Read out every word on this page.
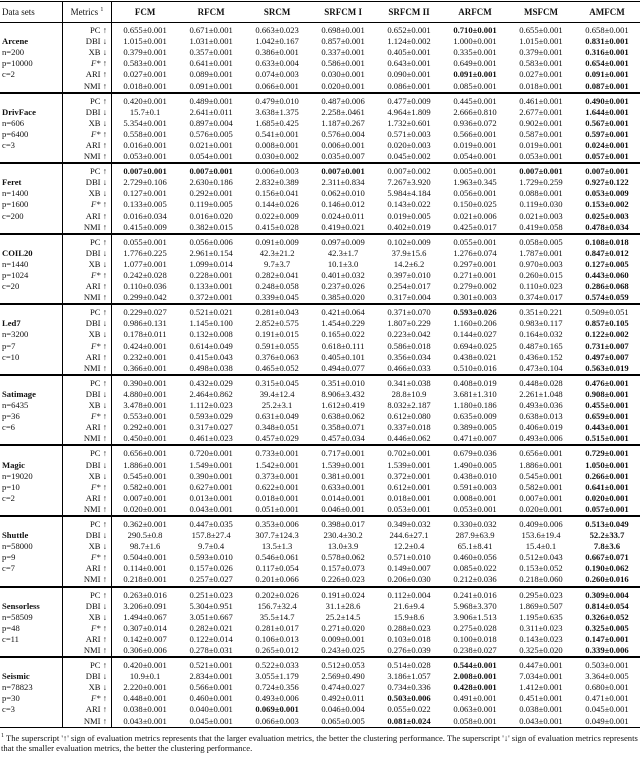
Data sets	Metrics $^1$	FCM	RFCM	SRCM	SRFCM I	SRFCM II	ARFCM	MSFCM	AMFCM
	PC ↑	0.655±0.001	0.671±0.001	0.663±0.023	0.698±0.001	0.652±0.001	0.710±0.001	0.655±0.001	0.658±0.001
Arcene	DBI ↓	1.015±0.001	1.031±0.001	1.042±0.167	0.857±0.001	1.124±0.002	1.000±0.001	1.015±0.001	0.831±0.001
n=200	XB ↓	0.379±0.001	0.357±0.001	0.386±0.001	0.337±0.001	0.405±0.001	0.335±0.001	0.379±0.001	0.316±0.001
p=10000	F* ↑	0.583±0.001	0.641±0.001	0.633±0.004	0.586±0.001	0.643±0.001	0.649±0.001	0.583±0.001	0.654±0.001
c=2	ARI ↑	0.027±0.001	0.089±0.001	0.074±0.003	0.030±0.001	0.090±0.001	0.091±0.001	0.027±0.001	0.091±0.001
	NMI ↑	0.018±0.001	0.091±0.001	0.066±0.001	0.020±0.001	0.086±0.001	0.085±0.001	0.018±0.001	0.087±0.001
	PC ↑	0.420±0.001	0.489±0.001	0.479±0.010	0.487±0.006	0.477±0.009	0.445±0.001	0.461±0.001	0.490±0.001
DrivFace	DBI ↓	15.7±0.1	2.641±0.011	3.638±1.375	2.258±.0461	4.964±1.809	2.666±0.810	2.677±0.001	1.644±0.001
n=606	XB ↓	5.354±0.001	0.897±0.004	1.685±0.425	1.187±0.267	1.732±0.601	0.936±0.072	0.902±0.001	0.567±0.001
p=6400	F* ↑	0.558±0.001	0.576±0.005	0.541±0.001	0.576±0.004	0.571±0.003	0.566±0.001	0.587±0.001	0.597±0.001
c=3	ARI ↑	0.016±0.001	0.021±0.001	0.008±0.001	0.006±0.001	0.020±0.003	0.019±0.001	0.019±0.001	0.024±0.001
	NMI ↑	0.053±0.001	0.054±0.001	0.030±0.002	0.035±0.007	0.045±0.002	0.054±0.001	0.053±0.001	0.057±0.001
	PC ↑	0.007±0.001	0.007±0.001	0.006±0.003	0.007±0.001	0.007±0.002	0.005±0.001	0.007±0.001	0.007±0.001
Feret	DBI ↓	2.729±0.106	2.630±0.186	2.832±0.389	2.311±0.834	7.267±3.920	1.963±0.345	1.729±0.259	0.927±0.122
n=1400	XB ↓	0.127±0.001	0.292±0.001	0.156±0.041	0.062±0.010	5.984±4.184	0.056±0.001	0.088±0.001	0.053±0.009
p=1600	F* ↑	0.133±0.005	0.119±0.005	0.144±0.026	0.146±0.012	0.143±0.022	0.150±0.025	0.119±0.030	0.153±0.002
c=200	ARI ↑	0.016±0.034	0.016±0.020	0.022±0.009	0.024±0.011	0.019±0.005	0.021±0.006	0.021±0.003	0.025±0.003
	NMI ↑	0.415±0.009	0.382±0.015	0.415±0.028	0.419±0.021	0.402±0.019	0.425±0.017	0.419±0.058	0.478±0.034
	PC ↑	0.055±0.001	0.056±0.006	0.091±0.009	0.097±0.009	0.102±0.009	0.055±0.001	0.058±0.005	0.108±0.018
COIL20	DBI ↓	1.776±0.225	2.961±0.154	42.3±21.2	42.3±1.7	37.9±15.6	1.276±0.074	1.787±0.001	0.847±0.012
n=1440	XB ↓	1.077±0.001	1.099±0.014	9.7±3.7	10.1±3.0	14.2±6.2	0.297±0.001	0.970±0.003	0.127±0.005
p=1024	F* ↑	0.242±0.028	0.228±0.001	0.282±0.041	0.401±0.032	0.397±0.010	0.271±0.001	0.260±0.015	0.443±0.060
c=20	ARI ↑	0.110±0.036	0.133±0.001	0.248±0.058	0.237±0.026	0.254±0.017	0.279±0.002	0.110±0.023	0.286±0.068
	NMI ↑	0.299±0.042	0.372±0.001	0.339±0.045	0.385±0.020	0.317±0.004	0.301±0.003	0.374±0.017	0.574±0.059
	PC ↑	0.229±0.027	0.521±0.021	0.281±0.043	0.421±0.064	0.371±0.070	0.593±0.026	0.351±0.221	0.509±0.051
Led7	DBI ↓	0.986±0.131	1.145±0.100	2.852±0.575	1.454±0.229	1.807±0.229	1.160±0.206	0.983±0.117	0.857±0.105
n=3200	XB ↓	0.178±0.011	0.132±0.008	0.191±0.015	0.165±0.022	0.223±0.042	0.144±0.027	0.164±0.032	0.122±0.002
p=7	F* ↑	0.424±0.001	0.614±0.049	0.591±0.055	0.618±0.111	0.586±0.018	0.694±0.025	0.487±0.165	0.731±0.007
c=10	ARI ↑	0.232±0.001	0.415±0.043	0.376±0.063	0.405±0.101	0.356±0.034	0.438±0.021	0.436±0.152	0.497±0.007
	NMI ↑	0.366±0.001	0.498±0.038	0.465±0.052	0.494±0.077	0.466±0.033	0.510±0.016	0.473±0.104	0.563±0.019
	PC ↑	0.390±0.001	0.432±0.029	0.315±0.045	0.351±0.010	0.341±0.038	0.408±0.019	0.448±0.028	0.476±0.001
Satimage	DBI ↓	4.880±0.001	2.464±0.862	39.4±12.4	8.906±3.432	28.8±10.9	3.681±1.310	2.261±1.048	0.908±0.001
n=6435	XB ↓	3.478±0.001	1.112±0.023	25.2±3.1	1.612±0.419	8.032±2.187	1.180±0.186	0.493±0.036	0.455±0.001
p=36	F* ↑	0.553±0.001	0.593±0.029	0.631±0.049	0.638±0.062	0.612±0.080	0.635±0.009	0.638±0.013	0.659±0.001
c=6	ARI ↑	0.292±0.001	0.317±0.027	0.348±0.051	0.358±0.071	0.337±0.018	0.389±0.005	0.406±0.019	0.443±0.001
	NMI ↑	0.450±0.001	0.461±0.023	0.457±0.029	0.457±0.034	0.446±0.062	0.471±0.007	0.493±0.006	0.515±0.001
	PC ↑	0.656±0.001	0.720±0.001	0.733±0.001	0.717±0.001	0.702±0.001	0.679±0.036	0.656±0.001	0.729±0.001
Magic	DBI ↓	1.886±0.001	1.549±0.001	1.542±0.001	1.539±0.001	1.539±0.001	1.490±0.005	1.886±0.001	1.050±0.001
n=19020	XB ↓	0.545±0.001	0.390±0.001	0.373±0.001	0.381±0.001	0.372±0.001	0.438±0.010	0.545±0.001	0.266±0.001
p=10	F* ↑	0.582±0.001	0.627±0.001	0.622±0.001	0.633±0.001	0.612±0.001	0.591±0.003	0.582±0.001	0.641±0.001
c=2	ARI ↑	0.007±0.001	0.013±0.001	0.018±0.001	0.014±0.001	0.018±0.001	0.008±0.001	0.007±0.001	0.020±0.001
	NMI ↑	0.020±0.001	0.043±0.001	0.051±0.001	0.046±0.001	0.053±0.001	0.053±0.001	0.020±0.001	0.057±0.001
	PC ↑	0.362±0.001	0.447±0.035	0.353±0.006	0.398±0.017	0.349±0.032	0.330±0.032	0.409±0.006	0.513±0.049
Shuttle	DBI ↓	290.5±0.8	157.8±27.4	307.7±124.3	230.4±30.2	244.6±27.1	287.9±63.9	153.6±19.4	52.2±33.7
n=58000	XB ↓	98.7±1.6	9.7±0.4	13.5±1.3	13.0±3.9	12.2±0.4	65.1±8.41	15.4±0.1	7.8±3.6
p=9	F* ↑	0.504±0.001	0.593±0.010	0.546±0.061	0.578±0.062	0.571±0.010	0.460±0.056	0.512±0.043	0.667±0.071
c=7	ARI ↑	0.114±0.001	0.157±0.026	0.117±0.054	0.157±0.073	0.149±0.007	0.085±0.022	0.153±0.052	0.190±0.062
	NMI ↑	0.218±0.001	0.257±0.027	0.201±0.066	0.226±0.023	0.206±0.030	0.212±0.036	0.218±0.060	0.260±0.016
	PC ↑	0.263±0.016	0.251±0.023	0.202±0.026	0.191±0.024	0.112±0.004	0.241±0.016	0.295±0.023	0.309±0.004
Sensorless	DBI ↓	3.206±0.091	5.304±0.951	156.7±32.4	31.1±28.6	21.6±9.4	5.968±3.370	1.869±0.507	0.814±0.054
n=58509	XB ↓	1.494±0.067	3.051±0.667	35.5±14.7	25.2±14.5	15.9±8.6	3.906±1.513	1.195±0.635	0.326±0.052
p=48	F* ↑	0.307±0.014	0.282±0.021	0.281±0.017	0.271±0.020	0.288±0.023	0.275±0.028	0.311±0.023	0.325±0.005
c=11	ARI ↑	0.142±0.007	0.122±0.014	0.106±0.013	0.009±0.001	0.103±0.018	0.100±0.018	0.143±0.023	0.147±0.001
	NMI ↑	0.306±0.006	0.278±0.031	0.265±0.012	0.243±0.025	0.276±0.039	0.238±0.027	0.325±0.020	0.339±0.006
	PC ↑	0.420±0.001	0.521±0.001	0.522±0.033	0.512±0.053	0.514±0.028	0.544±0.001	0.447±0.001	0.503±0.001
Seismic	DBI ↓	10.9±0.1	2.834±0.001	3.055±1.179	2.569±0.490	3.186±1.057	2.008±0.001	7.034±0.001	3.364±0.005
n=78823	XB ↓	2.220±0.001	0.566±0.001	0.724±0.356	0.474±0.027	0.734±0.336	0.428±0.001	1.412±0.001	0.680±0.001
p=30	F* ↑	0.448±0.001	0.460±0.001	0.493±0.006	0.492±0.011	0.503±0.006	0.491±0.001	0.451±0.001	0.471±0.001
c=3	ARI ↑	0.038±0.001	0.040±0.001	0.069±0.001	0.046±0.004	0.055±0.022	0.063±0.001	0.038±0.001	0.045±0.001
	NMI ↑	0.043±0.001	0.045±0.001	0.066±0.003	0.065±0.005	0.081±0.024	0.058±0.001	0.043±0.001	0.049±0.001
$^1$ The superscript '↑' sign of evaluation metrics represents that the larger evaluation metrics, the better the clustering performance. The superscript '↓' sign of evaluation metrics represents that the smaller evaluation metrics, the better the clustering performance.
